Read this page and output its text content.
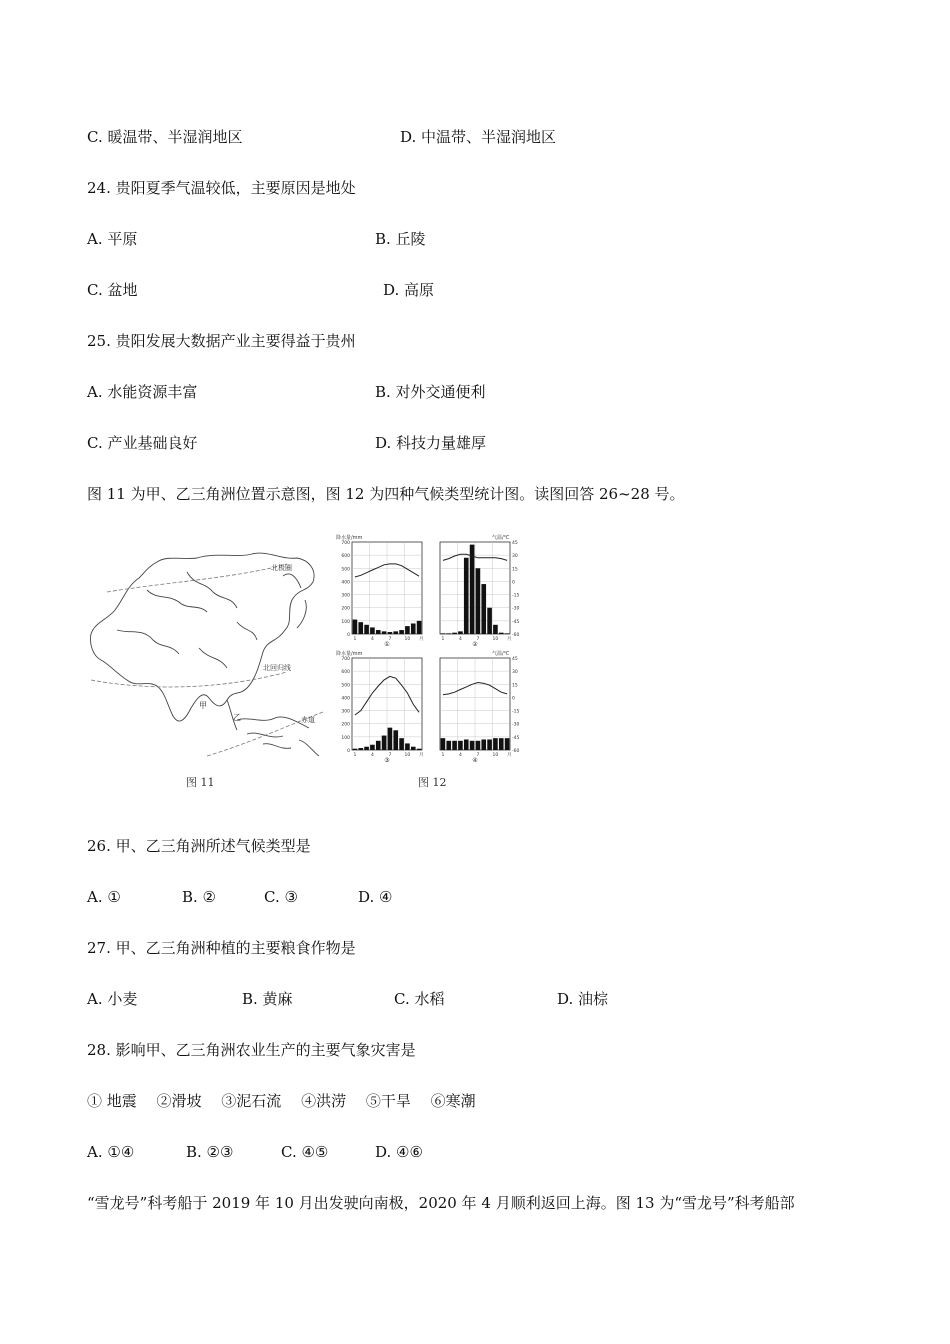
C. 暖温带、半湿润地区	D. 中温带、半湿润地区
24. 贵阳夏季气温较低，主要原因是地处
A. 平原	B. 丘陵
C. 盆地	D. 高原
25. 贵阳发展大数据产业主要得益于贵州
A. 水能资源丰富	B. 对外交通便利
C. 产业基础良好	D. 科技力量雄厚
图 11 为甲、乙三角洲位置示意图，图 12 为四种气候类型统计图。读图回答 26~28 号。
北极圈
北回归线
赤道
甲
乙
图 11
0
100
200
300
400
500
600
700
降水量/mm
1	4	7	10 月
①
45
30
15
0
-15
-30
-45
-60
气温/℃
1	4	7	10 月
②
0
100
200
300
400
500
600
700
降水量/mm
1	4	7	10 月
③
45
30
15
0
-15
-30
-45
-60
气温/℃
1	4	7	10 月
④
图 12
26. 甲、乙三角洲所述气候类型是
A. ①	B. ②	C. ③	D. ④
27. 甲、乙三角洲种植的主要粮食作物是
A. 小麦	B. 黄麻	C. 水稻	D. 油棕
28. 影响甲、乙三角洲农业生产的主要气象灾害是
① 地震　 ②滑坡　 ③泥石流　 ④洪涝　 ⑤干旱　 ⑥寒潮
A. ①④	B. ②③	C. ④⑤	D. ④⑥
“雪龙号”科考船于 2019 年 10 月出发驶向南极，2020 年 4 月顺利返回上海。图 13 为“雪龙号”科考船部
